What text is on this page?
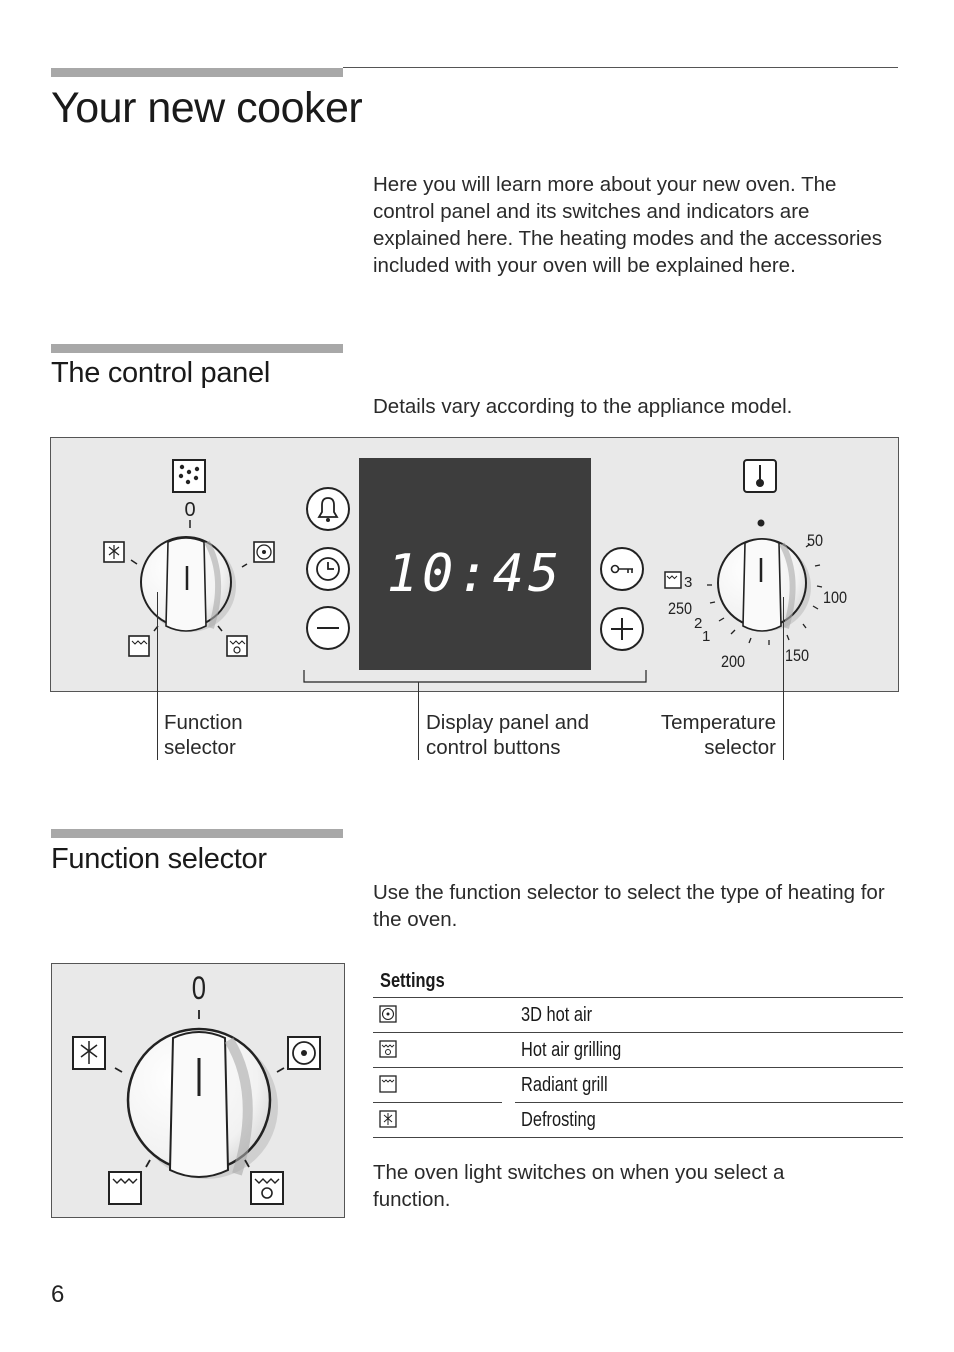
Your new cooker
Here you will learn more about your new oven. The control panel and its switches and indicators are explained here. The heating modes and the accessories included with your oven will be explained here.
The control panel
Details vary according to the appliance model.
0
50
100
150
200
250
3
2
1
10:45
Function
selector
Display panel and
control buttons
Temperature
selector
Function selector
Use the function selector to select the type of heating for the oven.
0	Settings
3D hot air
Hot air grilling
Radiant grill
Defrosting
The oven light switches on when you select a function.
6
